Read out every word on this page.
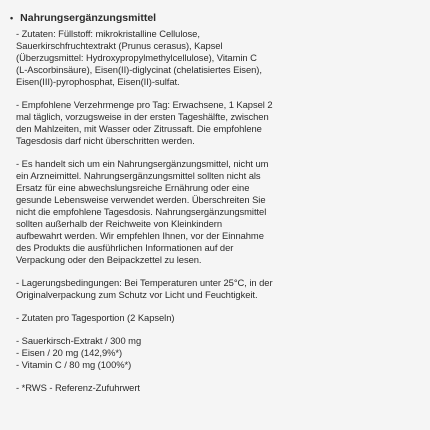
• Nahrungsergänzungsmittel
- Zutaten: Füllstoff: mikrokristalline Cellulose,
Sauerkirschfruchtextrakt (Prunus cerasus), Kapsel
(Überzugsmittel: Hydroxypropylmethylcellulose), Vitamin C
(L-Ascorbinsäure), Eisen(II)-diglycinat (chelatisiertes Eisen),
Eisen(III)-pyrophosphat, Eisen(II)-sulfat.
- Empfohlene Verzehrmenge pro Tag: Erwachsene, 1 Kapsel 2
mal täglich, vorzugsweise in der ersten Tageshälfte, zwischen
den Mahlzeiten, mit Wasser oder Zitrussaft. Die empfohlene
Tagesdosis darf nicht überschritten werden.
- Es handelt sich um ein Nahrungsergänzungsmittel, nicht um
ein Arzneimittel. Nahrungsergänzungsmittel sollten nicht als
Ersatz für eine abwechslungsreiche Ernährung oder eine
gesunde Lebensweise verwendet werden. Überschreiten Sie
nicht die empfohlene Tagesdosis. Nahrungsergänzungsmittel
sollten außerhalb der Reichweite von Kleinkindern
aufbewahrt werden. Wir empfehlen Ihnen, vor der Einnahme
des Produkts die ausführlichen Informationen auf der
Verpackung oder den Beipackzettel zu lesen.
- Lagerungsbedingungen: Bei Temperaturen unter 25°C, in der
Originalverpackung zum Schutz vor Licht und Feuchtigkeit.
- Zutaten pro Tagesportion (2 Kapseln)
- Sauerkirsch-Extrakt / 300 mg
- Eisen / 20 mg (142,9%*)
- Vitamin C / 80 mg (100%*)
- *RWS - Referenz-Zufuhrwert
